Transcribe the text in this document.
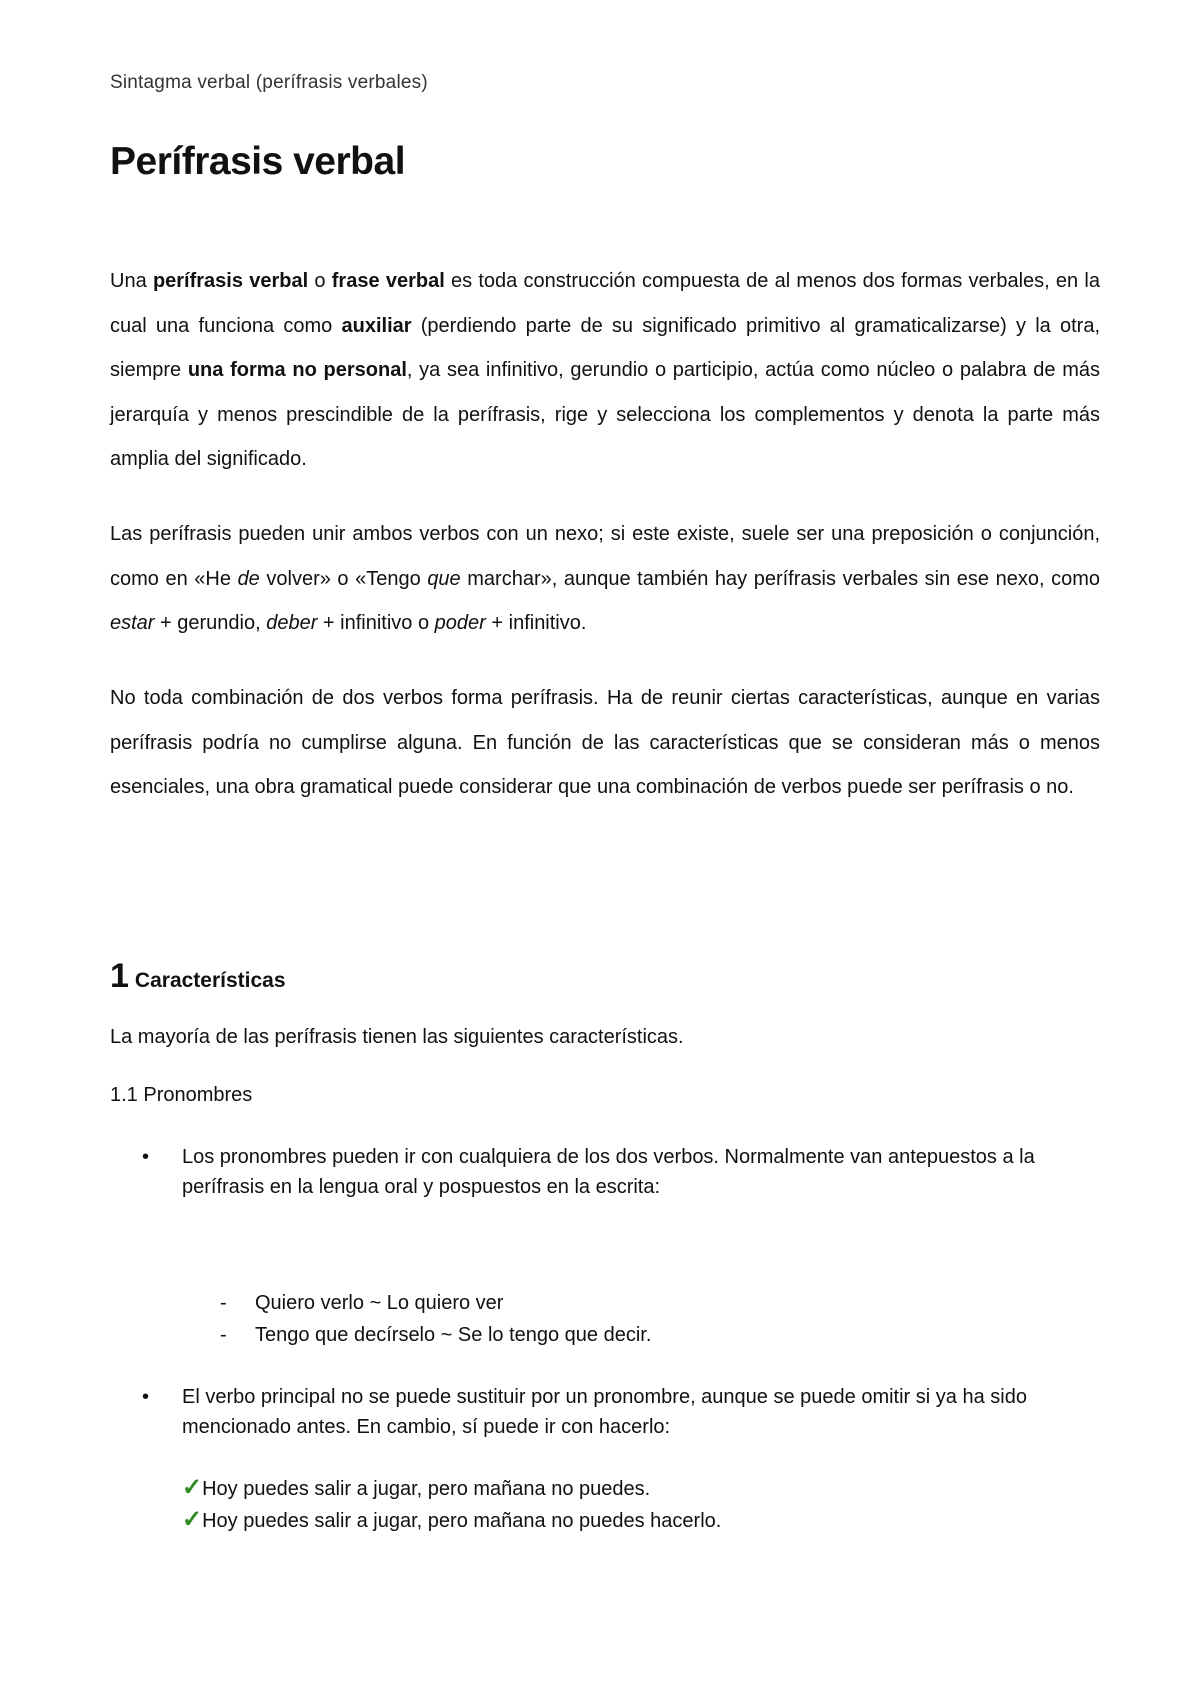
Sintagma verbal (perífrasis verbales)
Perífrasis verbal

Una perífrasis verbal o frase verbal es toda construcción compuesta de al menos dos formas verbales, en la cual una funciona como auxiliar (perdiendo parte de su significado primitivo al gramaticalizarse) y la otra, siempre una forma no personal, ya sea infinitivo, gerundio o participio, actúa como núcleo o palabra de más jerarquía y menos prescindible de la perífrasis, rige y selecciona los complementos y denota la parte más amplia del significado.

Las perífrasis pueden unir ambos verbos con un nexo; si este existe, suele ser una preposición o conjunción, como en «He de volver» o «Tengo que marchar», aunque también hay perífrasis verbales sin ese nexo, como estar + gerundio, deber + infinitivo o poder + infinitivo.

No toda combinación de dos verbos forma perífrasis. Ha de reunir ciertas características, aunque en varias perífrasis podría no cumplirse alguna. En función de las características que se consideran más o menos esenciales, una obra gramatical puede considerar que una combinación de verbos puede ser perífrasis o no.

1 Características

La mayoría de las perífrasis tienen las siguientes características.

1.1 Pronombres

• Los pronombres pueden ir con cualquiera de los dos verbos. Normalmente van antepuestos a la perífrasis en la lengua oral y pospuestos en la escrita:
- Quiero verlo ~ Lo quiero ver
- Tengo que decírselo ~ Se lo tengo que decir.
• El verbo principal no se puede sustituir por un pronombre, aunque se puede omitir si ya ha sido mencionado antes. En cambio, sí puede ir con hacerlo:
✓Hoy puedes salir a jugar, pero mañana no puedes.
✓Hoy puedes salir a jugar, pero mañana no puedes hacerlo.
